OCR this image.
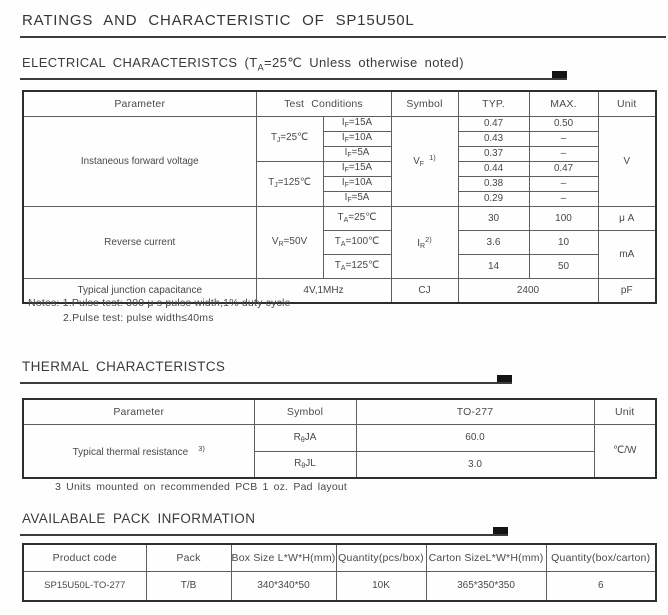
RATINGS AND CHARACTERISTIC OF SP15U50L
ELECTRICAL CHARACTERISTCS ($T_A=25℃$ Unless otherwise noted)
Parameter	Test Conditions		Symbol	TYP.	MAX.	Unit
Instaneous forward voltage	$T_J=25℃$	$I_F=15A$	$V_F^{1)}$	0.47	0.50	V
		$I_F=10A$		0.43	–	
		$I_F=5A$		0.37	–	
	$T_J=125℃$	$I_F=15A$		0.44	0.47	
		$I_F=10A$		0.38	–	
		$I_F=5A$		0.29	–	
Reverse current	$V_R=50V$	$T_A=25℃$	$I_R^{2)}$	30	100	μ A
		$T_A=100℃$		3.6	10	mA
		$T_A=125℃$		14	50	
Typical junction capacitance	4V,1MHz		CJ	2400		pF
Notes: 1.Pulse test: 300 μ s pulse width,1% duty cycle
2.Pulse test: pulse width≤40ms
THERMAL CHARACTERISTCS
Parameter	Symbol	TO-277	Unit
Typical thermal resistance $^{3)}$	$R_\theta JA$	60.0	℃/W
	$R_\theta JL$	3.0	
3 Units mounted on recommended PCB 1 oz. Pad layout
AVAILABALE PACK INFORMATION
Product code	Pack	Box Size L*W*H(mm)	Quantity(pcs/box)	Carton SizeL*W*H(mm)	Quantity(box/carton)
SP15U50L-TO-277	T/B	340*340*50	10K	365*350*350	6
